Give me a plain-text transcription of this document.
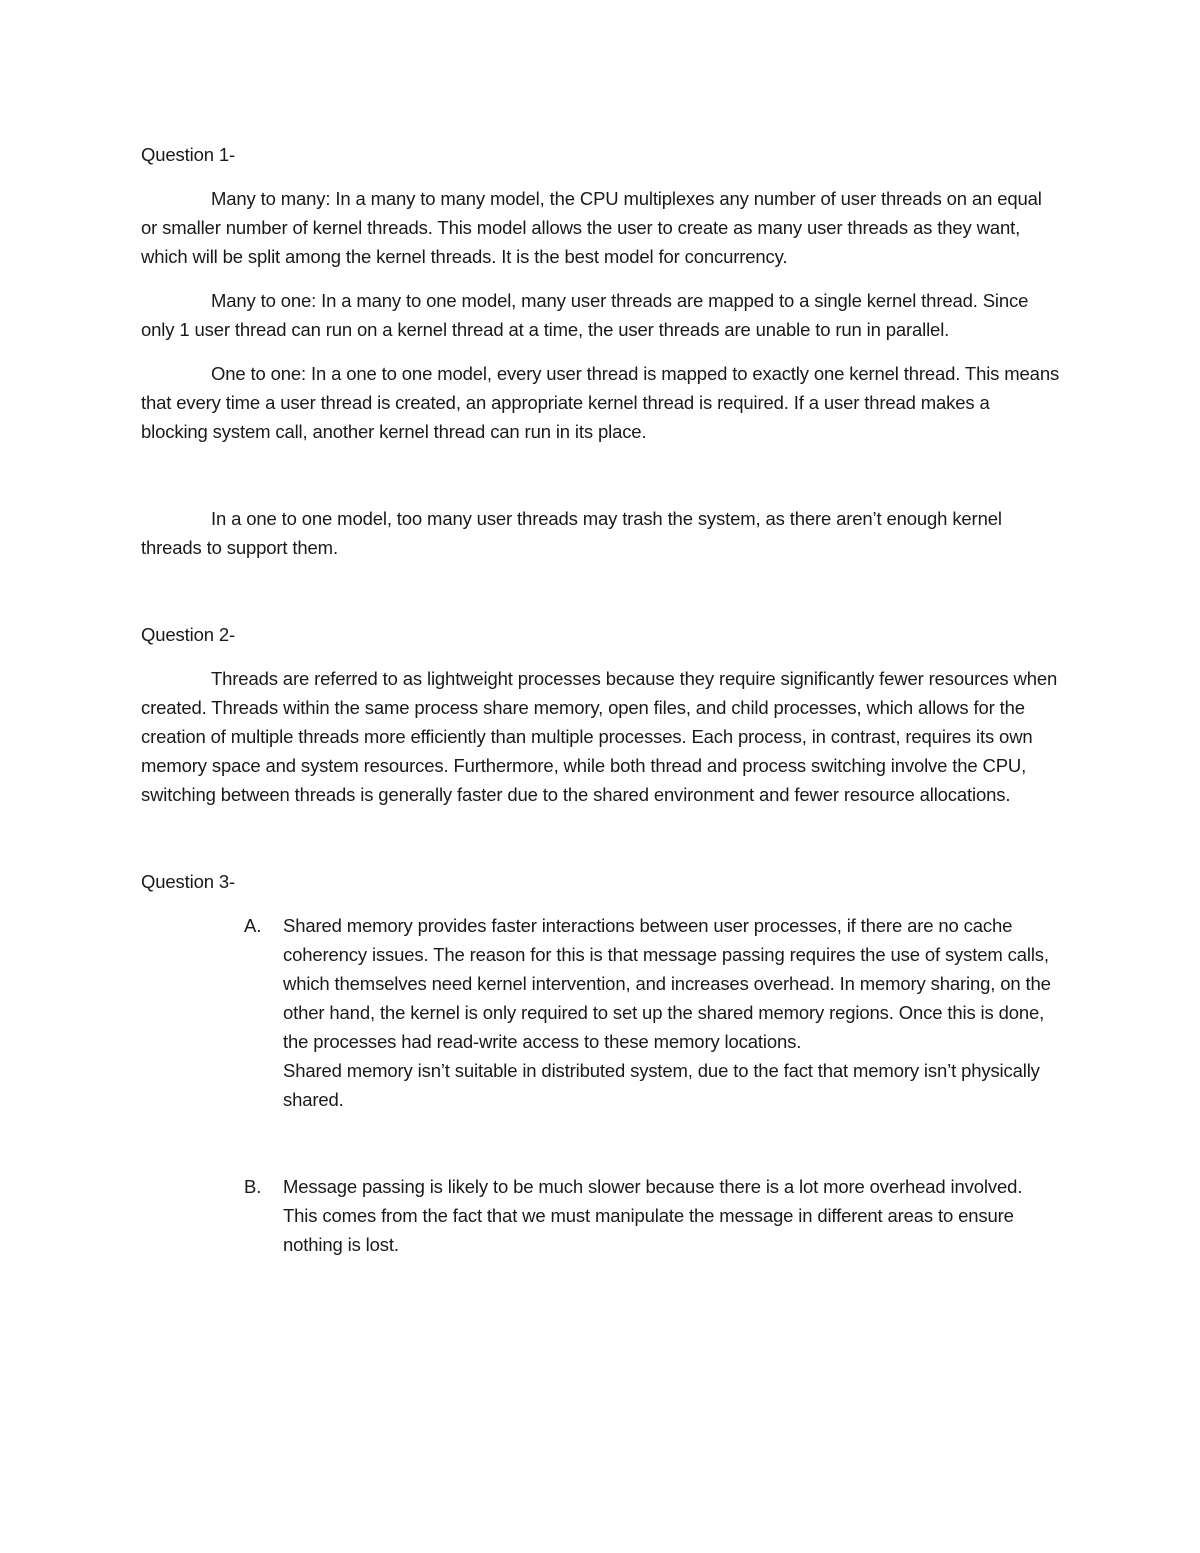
Question 1-

Many to many: In a many to many model, the CPU multiplexes any number of user threads on an equal or smaller number of kernel threads. This model allows the user to create as many user threads as they want, which will be split among the kernel threads. It is the best model for concurrency.

Many to one: In a many to one model, many user threads are mapped to a single kernel thread. Since only 1 user thread can run on a kernel thread at a time, the user threads are unable to run in parallel.

One to one: In a one to one model, every user thread is mapped to exactly one kernel thread. This means that every time a user thread is created, an appropriate kernel thread is required. If a user thread makes a blocking system call, another kernel thread can run in its place.

In a one to one model, too many user threads may trash the system, as there aren’t enough kernel threads to support them.

Question 2-

Threads are referred to as lightweight processes because they require significantly fewer resources when created. Threads within the same process share memory, open files, and child processes, which allows for the creation of multiple threads more efficiently than multiple processes. Each process, in contrast, requires its own memory space and system resources. Furthermore, while both thread and process switching involve the CPU, switching between threads is generally faster due to the shared environment and fewer resource allocations.

Question 3-

A.	Shared memory provides faster interactions between user processes, if there are no cache coherency issues. The reason for this is that message passing requires the use of system calls, which themselves need kernel intervention, and increases overhead. In memory sharing, on the other hand, the kernel is only required to set up the shared memory regions. Once this is done, the processes had read-write access to these memory locations.

Shared memory isn’t suitable in distributed system, due to the fact that memory isn’t physically shared.

B.	Message passing is likely to be much slower because there is a lot more overhead involved. This comes from the fact that we must manipulate the message in different areas to ensure nothing is lost.
